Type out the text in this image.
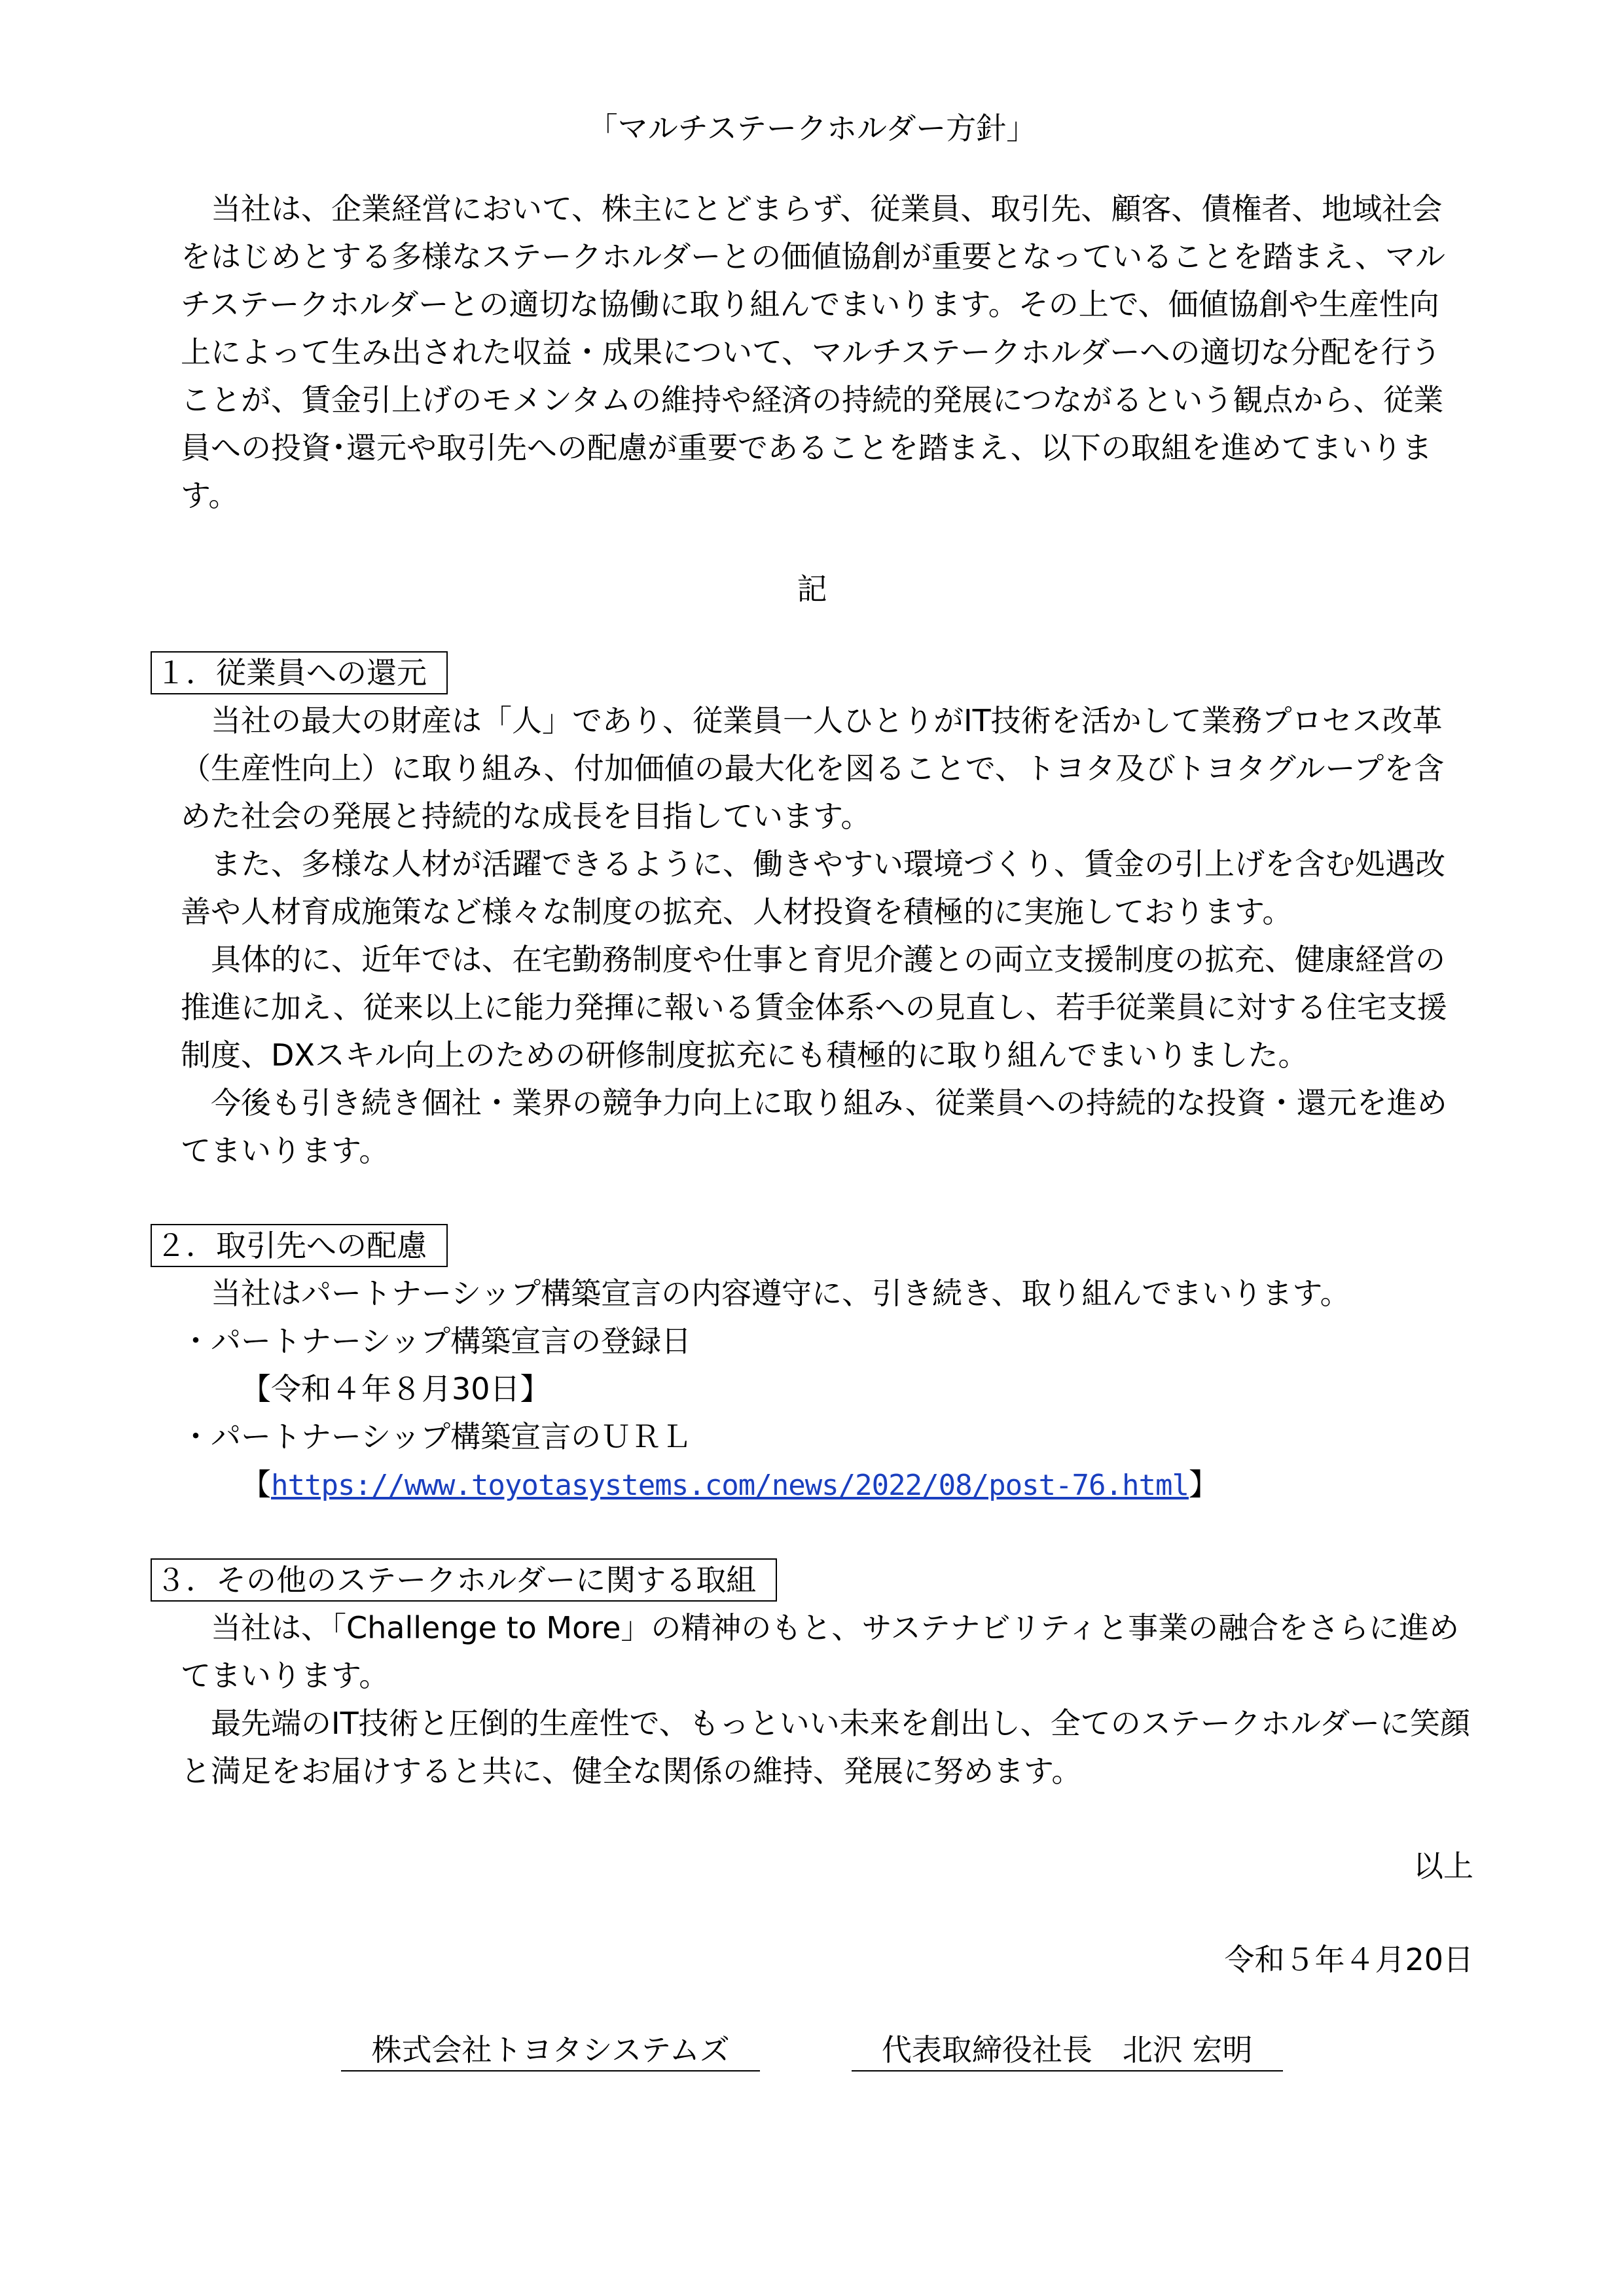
「マルチステークホルダー方針」

当社は、企業経営において、株主にとどまらず、従業員、取引先、顧客、債権者、地域社会をはじめとする多様なステークホルダーとの価値協創が重要となっていることを踏まえ、マルチステークホルダーとの適切な協働に取り組んでまいります。その上で、価値協創や生産性向上によって生み出された収益・成果について、マルチステークホルダーへの適切な分配を行うことが、賃金引上げのモメンタムの維持や経済の持続的発展につながるという観点から、従業員への投資･還元や取引先への配慮が重要であることを踏まえ、以下の取組を進めてまいります。

記
１．従業員への還元

当社の最大の財産は「人」であり、従業員一人ひとりがIT技術を活かして業務プロセス改革（生産性向上）に取り組み、付加価値の最大化を図ることで、トヨタ及びトヨタグループを含めた社会の発展と持続的な成長を目指しています。

また、多様な人材が活躍できるように、働きやすい環境づくり、賃金の引上げを含む処遇改善や人材育成施策など様々な制度の拡充、人材投資を積極的に実施しております。

具体的に、近年では、在宅勤務制度や仕事と育児介護との両立支援制度の拡充、健康経営の推進に加え、従来以上に能力発揮に報いる賃金体系への見直し、若手従業員に対する住宅支援制度、DXスキル向上のための研修制度拡充にも積極的に取り組んでまいりました。

今後も引き続き個社・業界の競争力向上に取り組み、従業員への持続的な投資・還元を進めてまいります。

２．取引先への配慮

当社はパートナーシップ構築宣言の内容遵守に、引き続き、取り組んでまいります。

・パートナーシップ構築宣言の登録日

【令和４年８月30日】

・パートナーシップ構築宣言のＵＲＬ

【https://www.toyotasystems.com/news/2022/08/post-76.html】

３．その他のステークホルダーに関する取組

当社は、「Challenge to More」の精神のもと、サステナビリティと事業の融合をさらに進めてまいります。

最先端のIT技術と圧倒的生産性で、もっといい未来を創出し、全てのステークホルダーに笑顔と満足をお届けすると共に、健全な関係の維持、発展に努めます。

以上
令和５年４月20日
株式会社トヨタシステムズ	代表取締役社長　北沢 宏明
